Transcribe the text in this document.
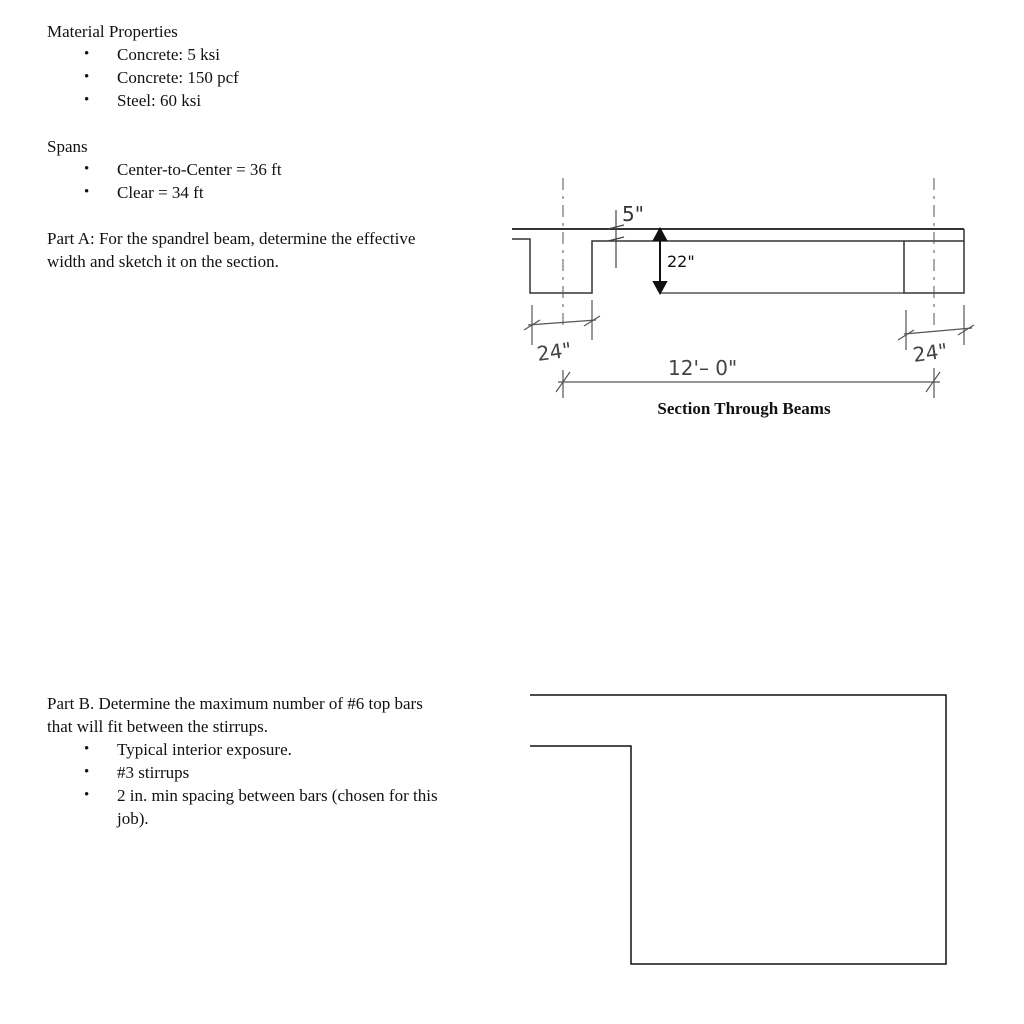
Material Properties

• Concrete: 5 ksi
• Concrete: 150 pcf
• Steel: 60 ksi

Spans

• Center-to-Center = 36 ft
• Clear = 34 ft

Part A: For the spandrel beam, determine the effective

width and sketch it on the section.

5"
22"
24"	24"
12'– 0"
Section Through Beams

Part B. Determine the maximum number of #6 top bars

that will fit between the stirrups.

• Typical interior exposure.
• #3 stirrups
• 2 in. min spacing between bars (chosen for this
job).
